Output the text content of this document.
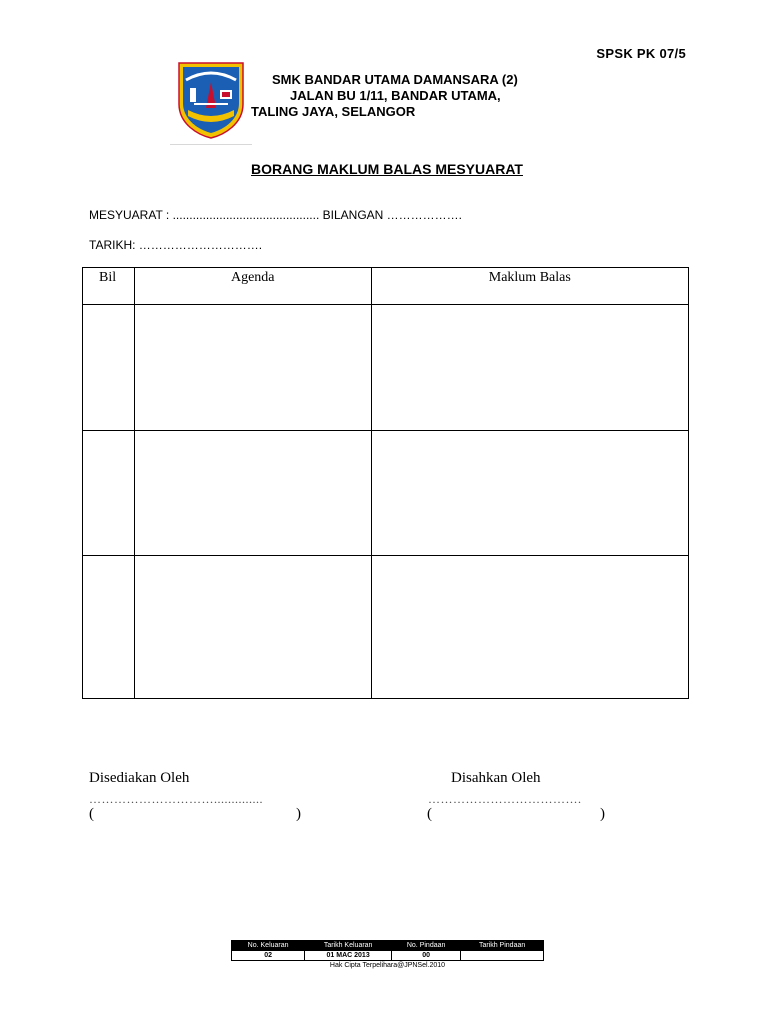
SPSK PK 07/5
SMK BANDAR UTAMA DAMANSARA (2)
JALAN BU 1/11, BANDAR UTAMA,
TALING JAYA, SELANGOR
BORANG MAKLUM BALAS MESYUARAT
MESYUARAT : ............................................ BILANGAN ……………….
TARIKH: ………………………….
Bil	Agenda	Maklum Balas

Disediakan Oleh
…………………………..............
(	)
Disahkan Oleh
……………………………….
(	)
No. Keluaran	Tarikh Keluaran	No. Pindaan	Tarikh Pindaan
02	01 MAC 2013	00	
Hak Cipta Terpelihara@JPNSel.2010
